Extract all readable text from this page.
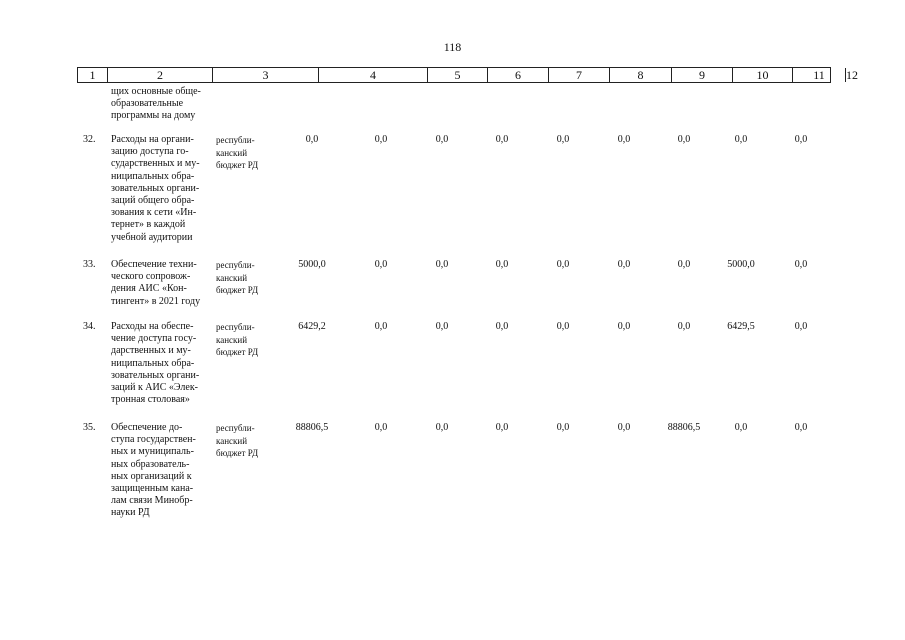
118
1	2	3	4	5	6	7	8	9	10	11	12
щих основные обще-
образовательные
программы на дому
32. Расходы на органи-
зацию доступа го-
сударственных и му-
ниципальных обра-
зовательных органи-
заций общего обра-
зования к сети «Ин-
тернет» в каждой
учебной аудитории
республи-
канский
бюджет РД
0,0	0,0	0,0	0,0	0,0	0,0	0,0	0,0	0,0
33. Обеспечение техни-
ческого сопровож-
дения АИС «Кон-
тингент» в 2021 году
республи-
канский
бюджет РД
5000,0	0,0	0,0	0,0	0,0	0,0	0,0	5000,0	0,0
34. Расходы на обеспе-
чение доступа госу-
дарственных и му-
ниципальных обра-
зовательных органи-
заций к АИС «Элек-
тронная столовая»
республи-
канский
бюджет РД
6429,2	0,0	0,0	0,0	0,0	0,0	0,0	6429,5	0,0
35. Обеспечение до-
ступа государствен-
ных и муниципаль-
ных образователь-
ных организаций к
защищенным кана-
лам связи Минобр-
науки РД
республи-
канский
бюджет РД
88806,5	0,0	0,0	0,0	0,0	0,0	88806,5	0,0	0,0
